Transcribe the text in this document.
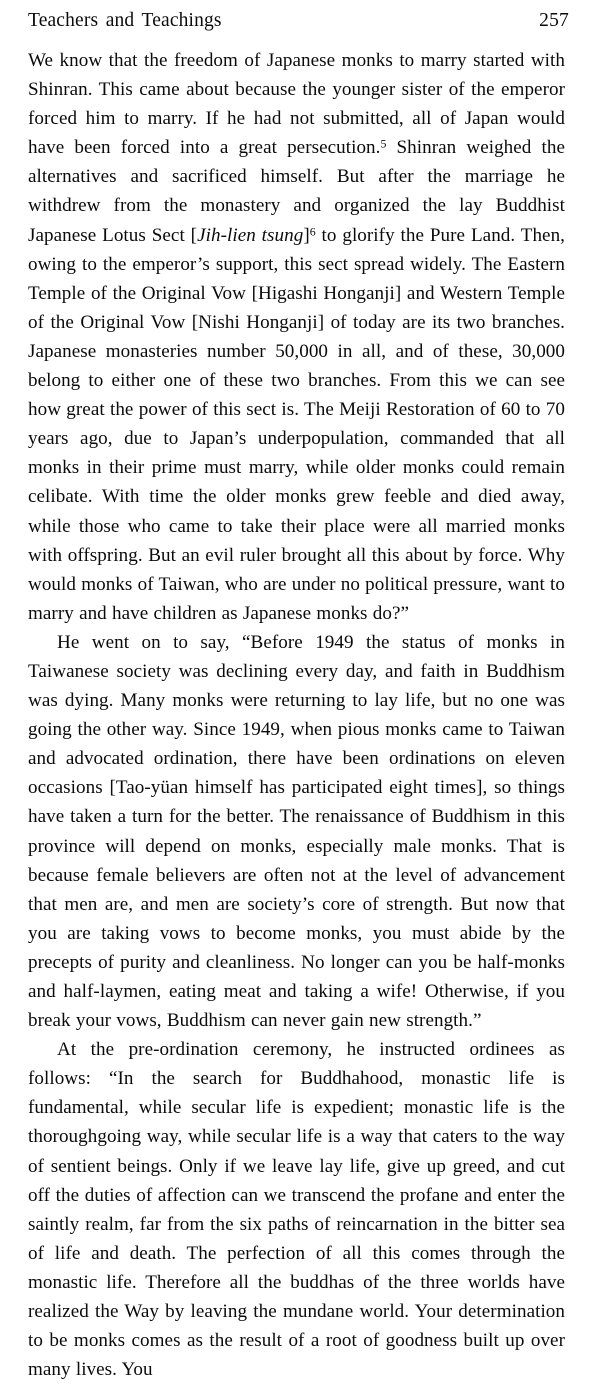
Teachers and Teachings	257

We know that the freedom of Japanese monks to marry started with Shinran. This came about because the younger sister of the emperor forced him to marry. If he had not submitted, all of Japan would have been forced into a great persecution.$^5$ Shinran weighed the alternatives and sacrificed himself. But after the marriage he withdrew from the monastery and organized the lay Buddhist Japanese Lotus Sect [Jih-lien tsung]$^6$ to glorify the Pure Land. Then, owing to the emperor’s support, this sect spread widely. The Eastern Temple of the Original Vow [Higashi Honganji] and Western Temple of the Original Vow [Nishi Honganji] of today are its two branches. Japanese monasteries number 50,000 in all, and of these, 30,000 belong to either one of these two branches. From this we can see how great the power of this sect is. The Meiji Restoration of 60 to 70 years ago, due to Japan’s underpopulation, commanded that all monks in their prime must marry, while older monks could remain celibate. With time the older monks grew feeble and died away, while those who came to take their place were all married monks with offspring. But an evil ruler brought all this about by force. Why would monks of Taiwan, who are under no political pressure, want to marry and have children as Japanese monks do?”

He went on to say, “Before 1949 the status of monks in Taiwanese society was declining every day, and faith in Buddhism was dying. Many monks were returning to lay life, but no one was going the other way. Since 1949, when pious monks came to Taiwan and advocated ordination, there have been ordinations on eleven occasions [Tao-yüan himself has participated eight times], so things have taken a turn for the better. The renaissance of Buddhism in this province will depend on monks, especially male monks. That is because female believers are often not at the level of advancement that men are, and men are society’s core of strength. But now that you are taking vows to become monks, you must abide by the precepts of purity and cleanliness. No longer can you be half-monks and half-laymen, eating meat and taking a wife! Otherwise, if you break your vows, Buddhism can never gain new strength.”

At the pre-ordination ceremony, he instructed ordinees as follows: “In the search for Buddhahood, monastic life is fundamental, while secular life is expedient; monastic life is the thoroughgoing way, while secular life is a way that caters to the way of sentient beings. Only if we leave lay life, give up greed, and cut off the duties of affection can we transcend the profane and enter the saintly realm, far from the six paths of reincarnation in the bitter sea of life and death. The perfection of all this comes through the monastic life. Therefore all the buddhas of the three worlds have realized the Way by leaving the mundane world. Your determination to be monks comes as the result of a root of goodness built up over many lives. You
